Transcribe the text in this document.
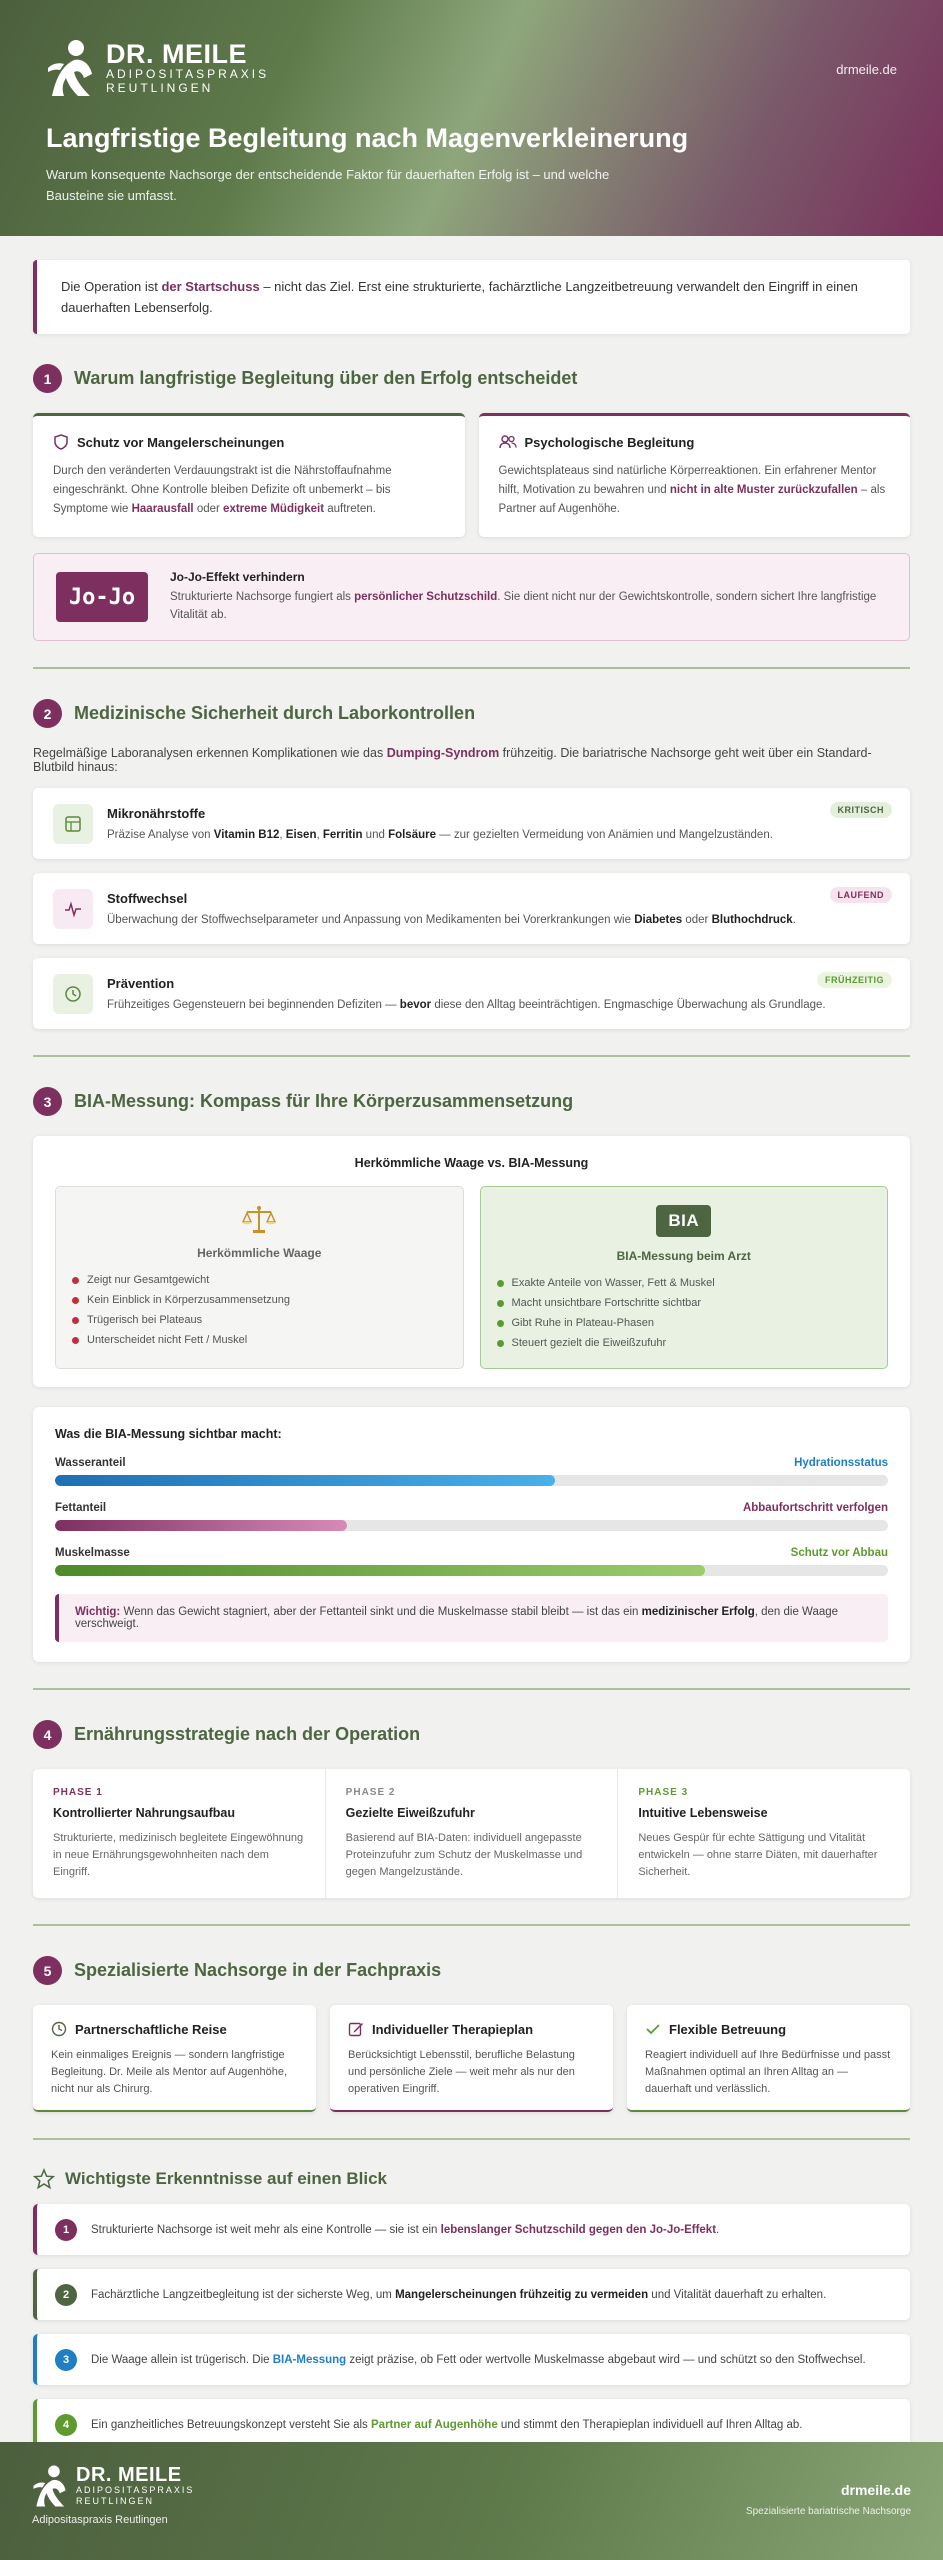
DR. MEILE
ADIPOSITASPRAXIS
REUTLINGEN
drmeile.de
Langfristige Begleitung nach Magenverkleinerung

Warum konsequente Nachsorge der entscheidende Faktor für dauerhaften Erfolg ist – und welche Bausteine sie umfasst.

Die Operation ist der Startschuss – nicht das Ziel. Erst eine strukturierte, fachärztliche Langzeitbetreuung verwandelt den Eingriff in einen dauerhaften Lebenserfolg.
1	Warum langfristige Begleitung über den Erfolg entscheidet
Schutz vor Mangelerscheinungen

Durch den veränderten Verdauungstrakt ist die Nährstoffaufnahme eingeschränkt. Ohne Kontrolle bleiben Defizite oft unbemerkt – bis Symptome wie Haarausfall oder extreme Müdigkeit auftreten.

Psychologische Begleitung

Gewichtsplateaus sind natürliche Körperreaktionen. Ein erfahrener Mentor hilft, Motivation zu bewahren und nicht in alte Muster zurückzufallen – als Partner auf Augenhöhe.

Jo-Jo
Jo-Jo-Effekt verhindern
Strukturierte Nachsorge fungiert als persönlicher Schutzschild. Sie dient nicht nur der Gewichtskontrolle, sondern sichert Ihre langfristige Vitalität ab.
2	Medizinische Sicherheit durch Laborkontrollen

Regelmäßige Laboranalysen erkennen Komplikationen wie das Dumping-Syndrom frühzeitig. Die bariatrische Nachsorge geht weit über ein Standard-Blutbild hinaus:

Mikronährstoffe
Präzise Analyse von Vitamin B12, Eisen, Ferritin und Folsäure — zur gezielten Vermeidung von Anämien und Mangelzuständen.
KRITISCH
Stoffwechsel
Überwachung der Stoffwechselparameter und Anpassung von Medikamenten bei Vorerkrankungen wie Diabetes oder Bluthochdruck.
LAUFEND
Prävention
Frühzeitiges Gegensteuern bei beginnenden Defiziten — bevor diese den Alltag beeinträchtigen. Engmaschige Überwachung als Grundlage.
FRÜHZEITIG
3	BIA-Messung: Kompass für Ihre Körperzusammensetzung
Herkömmliche Waage vs. BIA-Messung
Herkömmliche Waage
Zeigt nur Gesamtgewicht
Kein Einblick in Körperzusammensetzung
Trügerisch bei Plateaus
Unterscheidet nicht Fett / Muskel
BIA
BIA-Messung beim Arzt
Exakte Anteile von Wasser, Fett & Muskel
Macht unsichtbare Fortschritte sichtbar
Gibt Ruhe in Plateau-Phasen
Steuert gezielt die Eiweißzufuhr
Was die BIA-Messung sichtbar macht:
Wasseranteil	Hydrationsstatus
Fettanteil	Abbaufortschritt verfolgen
Muskelmasse	Schutz vor Abbau
Wichtig: Wenn das Gewicht stagniert, aber der Fettanteil sinkt und die Muskelmasse stabil bleibt — ist das ein medizinischer Erfolg, den die Waage verschweigt.
4	Ernährungsstrategie nach der Operation
PHASE 1
Kontrollierter Nahrungsaufbau
Strukturierte, medizinisch begleitete Eingewöhnung in neue Ernährungsgewohnheiten nach dem Eingriff.
PHASE 2
Gezielte Eiweißzufuhr
Basierend auf BIA-Daten: individuell angepasste Proteinzufuhr zum Schutz der Muskelmasse und gegen Mangelzustände.
PHASE 3
Intuitive Lebensweise
Neues Gespür für echte Sättigung und Vitalität entwickeln — ohne starre Diäten, mit dauerhafter Sicherheit.
5	Spezialisierte Nachsorge in der Fachpraxis
Partnerschaftliche Reise

Kein einmaliges Ereignis — sondern langfristige Begleitung. Dr. Meile als Mentor auf Augenhöhe, nicht nur als Chirurg.

Individueller Therapieplan

Berücksichtigt Lebensstil, berufliche Belastung und persönliche Ziele — weit mehr als nur den operativen Eingriff.

Flexible Betreuung

Reagiert individuell auf Ihre Bedürfnisse und passt Maßnahmen optimal an Ihren Alltag an — dauerhaft und verlässlich.

Wichtigste Erkenntnisse auf einen Blick
1	Strukturierte Nachsorge ist weit mehr als eine Kontrolle — sie ist ein lebenslanger Schutzschild gegen den Jo-Jo-Effekt.
2	Fachärztliche Langzeitbegleitung ist der sicherste Weg, um Mangelerscheinungen frühzeitig zu vermeiden und Vitalität dauerhaft zu erhalten.
3	Die Waage allein ist trügerisch. Die BIA-Messung zeigt präzise, ob Fett oder wertvolle Muskelmasse abgebaut wird — und schützt so den Stoffwechsel.
4	Ein ganzheitliches Betreuungskonzept versteht Sie als Partner auf Augenhöhe und stimmt den Therapieplan individuell auf Ihren Alltag ab.
DR. MEILE
ADIPOSITASPRAXIS
REUTLINGEN
Adipositaspraxis Reutlingen
drmeile.de
Spezialisierte bariatrische Nachsorge
